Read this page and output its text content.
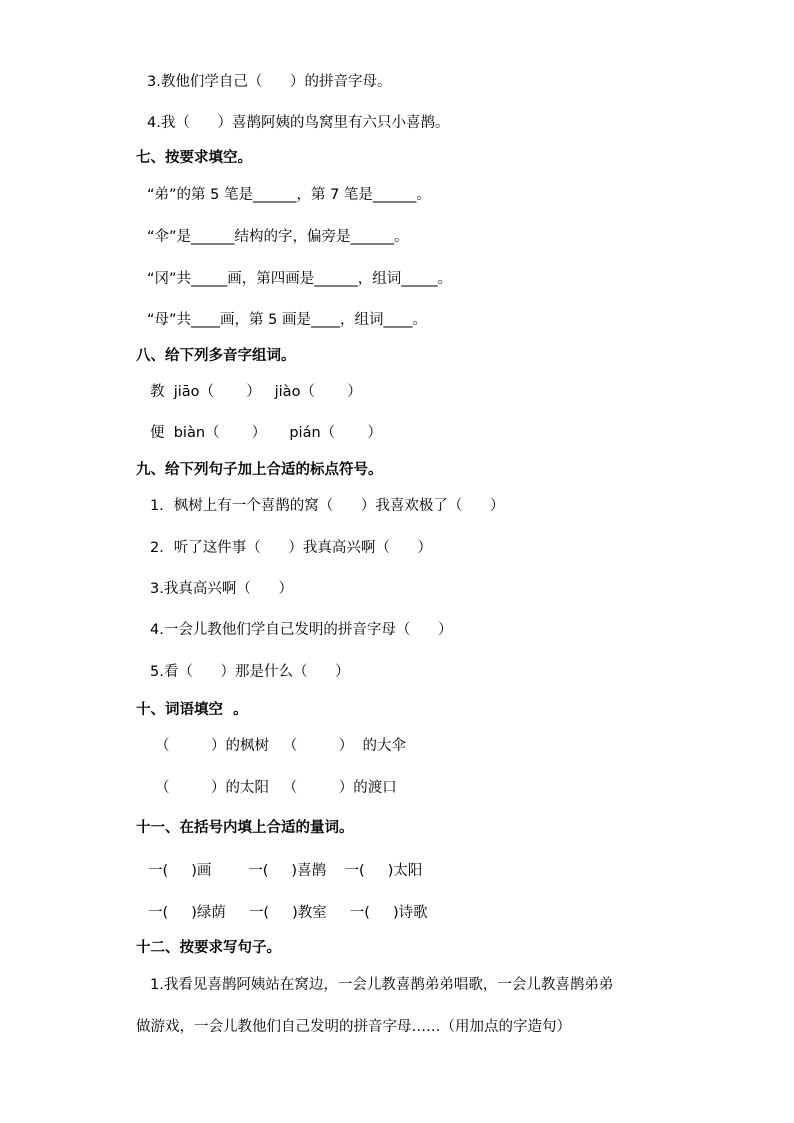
3.教他们学自己（      ）的拼音字母。
4.我（      ）喜鹊阿姨的鸟窝里有六只小喜鹊。
七、按要求填空。
“弟”的第 5 笔是______，第 7 笔是______。
“伞”是______结构的字，偏旁是______。
“冈”共_____画，第四画是______，组词_____。
“母”共____画，第 5 画是____，组词____。
八、给下列多音字组词。
教  jiāo（       ）   jiào（       ）
便  biàn（       ）     pián（       ）
九、给下列句子加上合适的标点符号。
1．枫树上有一个喜鹊的窝（      ）我喜欢极了（      ）
2．听了这件事（      ）我真高兴啊（      ）
3.我真高兴啊（      ）
4.一会儿教他们学自己发明的拼音字母（      ）
5.看（      ）那是什么（      ）
十、词语填空  。
（         ）的枫树   （         ）  的大伞
（         ）的太阳   （         ）的渡口
十一、在括号内填上合适的量词。
一(     )画        一(     )喜鹊    一(     )太阳
一(     )绿荫     一(     )教室     一(     )诗歌
十二、按要求写句子。
1.我看见喜鹊阿姨站在窝边，一会儿教喜鹊弟弟唱歌，一会儿教喜鹊弟弟
做游戏，一会儿教他们自己发明的拼音字母……（用加点的字造句）
